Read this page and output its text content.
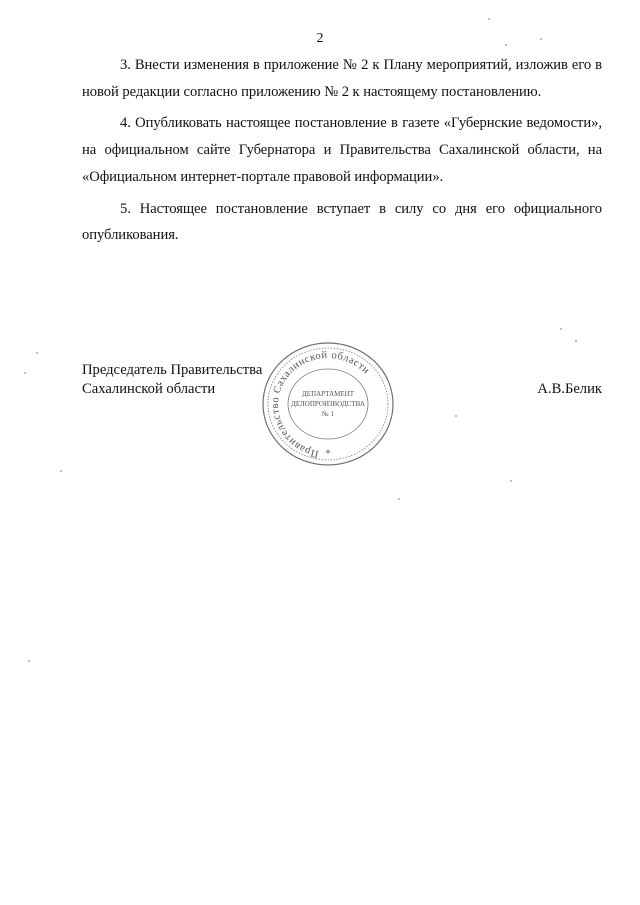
2

3. Внести изменения в приложение № 2 к Плану мероприятий, изложив его в новой редакции согласно приложению № 2 к настоящему постановлению.

4. Опубликовать настоящее постановление в газете «Губернские ведомости», на официальном сайте Губернатора и Правительства Сахалинской области, на «Официальном интернет-портале правовой информации».

5. Настоящее постановление вступает в силу со дня его официального опубликования.

Председатель Правительства
Сахалинской области	А.В.Белик
Правительство Сахалинской области
ДЕПАРТАМЕНТ
ДЕЛОПРОИЗВОДСТВА
№ 1
*
